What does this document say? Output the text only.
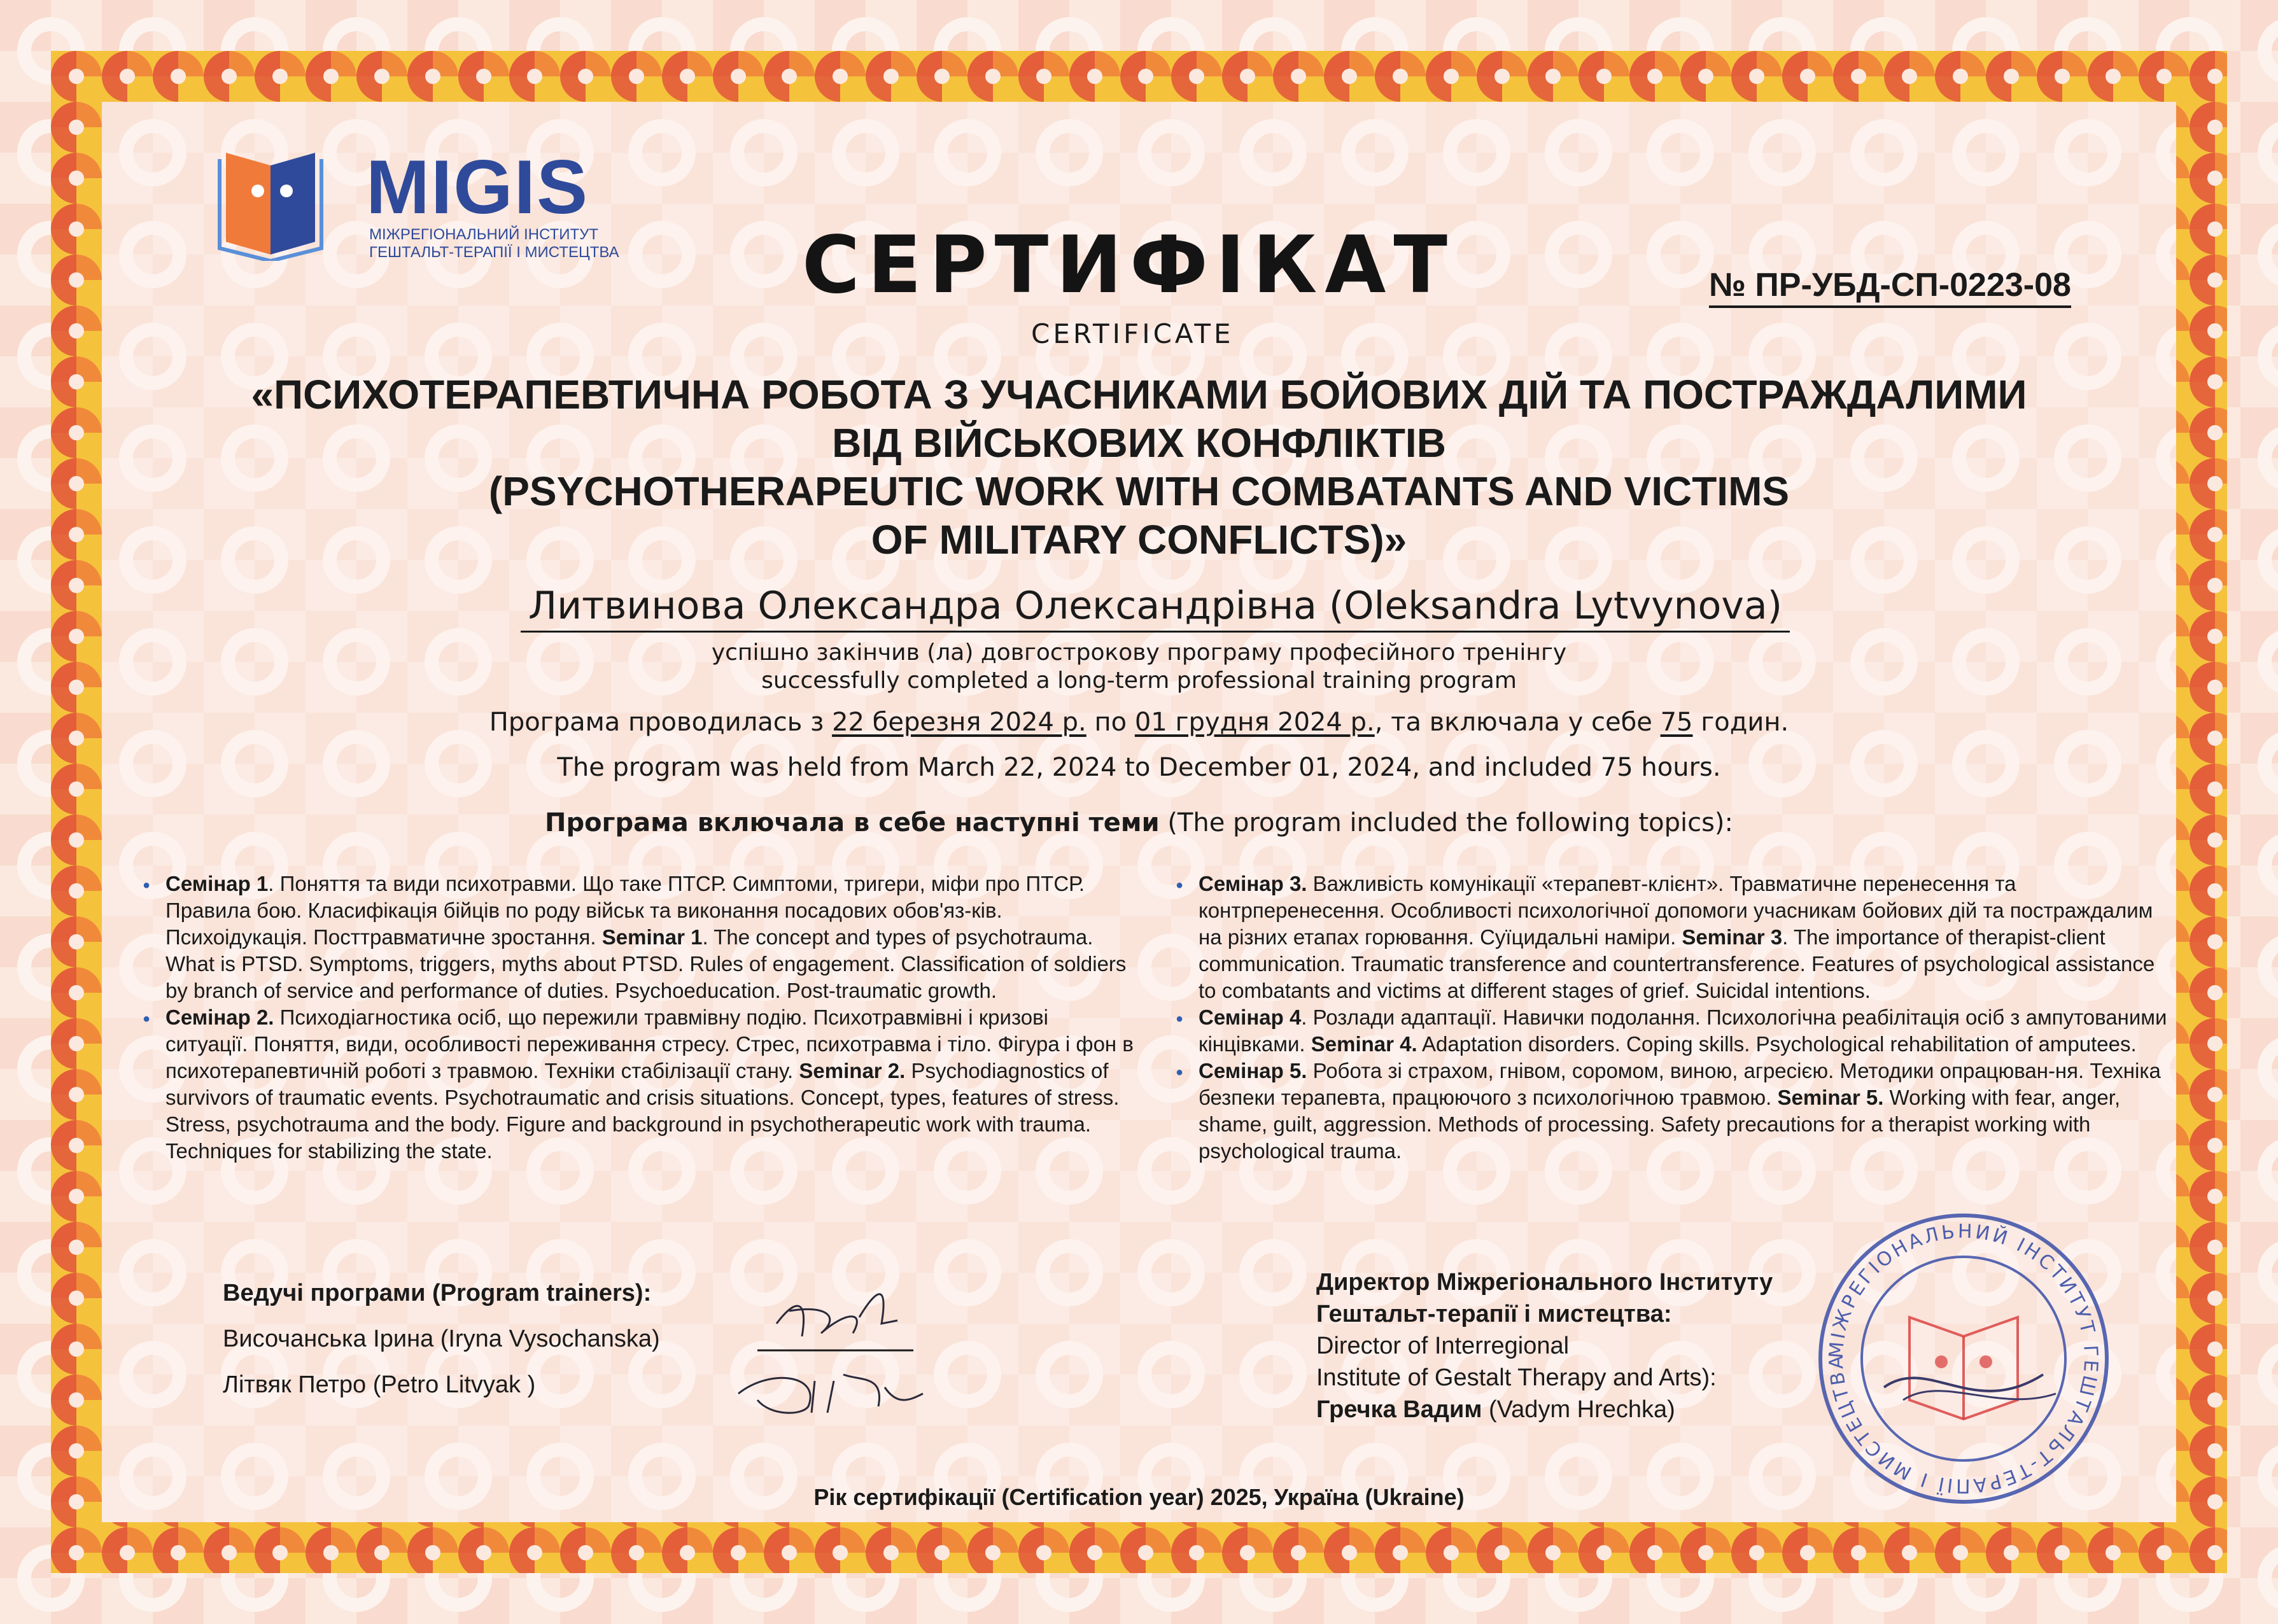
MIGIS
МІЖРЕГІОНАЛЬНИЙ ІНСТИТУТ
ГЕШТАЛЬТ-ТЕРАПІЇ І МИСТЕЦТВА СЕРТИФІКАТ
CERTIFICATE
№ ПР-УБД-СП-0223-08
«ПСИХОТЕРАПЕВТИЧНА РОБОТА З УЧАСНИКАМИ БОЙОВИХ ДІЙ ТА ПОСТРАЖДАЛИМИ
ВІД ВІЙСЬКОВИХ КОНФЛІКТІВ
(PSYCHOTHERAPEUTIC WORK WITH COMBATANTS AND VICTIMS
OF MILITARY CONFLICTS)»
Литвинова Олександра Олександрівна (Oleksandra Lytvynova)
успішно закінчив (ла) довгострокову програму професійного тренінгу
successfully completed a long-term professional training program
Програма проводилась з 22 березня 2024 р. по 01 грудня 2024 р., та включала у себе 75 годин.
The program was held from March 22, 2024 to December 01, 2024, and included 75 hours.
Програма включала в себе наступні теми (The program included the following topics):
● Семінар 1. Поняття та види психотравми. Що таке ПТСР. Симптоми, тригери, міфи про ПТСР. Правила бою. Класифікація бійців по роду військ та виконання посадових обов'яз-ків. Психоідукація. Посттравматичне зростання. Seminar 1. The concept and types of psychotrauma. What is PTSD. Symptoms, triggers, myths about PTSD. Rules of engagement. Classification of soldiers by branch of service and performance of duties. Psychoeducation. Post-traumatic growth.
● Семінар 2. Психодіагностика осіб, що пережили травмівну подію. Психотравмівні і кризові ситуації. Поняття, види, особливості переживання стресу. Стрес, психотравма і тіло. Фігура і фон в психотерапевтичній роботі з травмою. Техніки стабілізації стану. Seminar 2. Psychodiagnostics of survivors of traumatic events. Psychotraumatic and crisis situations. Concept, types, features of stress. Stress, psychotrauma and the body. Figure and background in psychotherapeutic work with trauma. Techniques for stabilizing the state.
● Семінар 3. Важливість комунікації «терапевт-клієнт». Травматичне перенесення та контрперенесення. Особливості психологічної допомоги учасникам бойових дій та постраждалим на різних етапах горювання. Суїцидальні наміри. Seminar 3. The importance of therapist-client communication. Traumatic transference and countertransference. Features of psychological assistance to combatants and victims at different stages of grief. Suicidal intentions.
● Семінар 4. Розлади адаптації. Навички подолання. Психологічна реабілітація осіб з ампутованими кінцівками. Seminar 4. Adaptation disorders. Coping skills. Psychological rehabilitation of amputees.
● Семінар 5. Робота зі страхом, гнівом, соромом, виною, агресією. Методики опрацюван-ня. Техніка безпеки терапевта, працюючого з психологічною травмою. Seminar 5. Working with fear, anger, shame, guilt, aggression. Methods of processing. Safety precautions for a therapist working with psychological trauma.
Ведучі програми (Program trainers):
Височанська Ірина (Iryna Vysochanska)
Літвяк Петро (Petro Litvyak )
Директор Міжрегіонального Інституту
Гештальт-терапії і мистецтва:
Director of Interregional
Institute of Gestalt Therapy and Arts):
Гречка Вадим (Vadym Hrechka)
МІЖРЕГІОНАЛЬНИЙ ІНСТИТУТ ГЕШТАЛЬТ-ТЕРАПІЇ І МИСТЕЦТВА
Рік сертифікації (Certification year) 2025, Україна (Ukraine)
